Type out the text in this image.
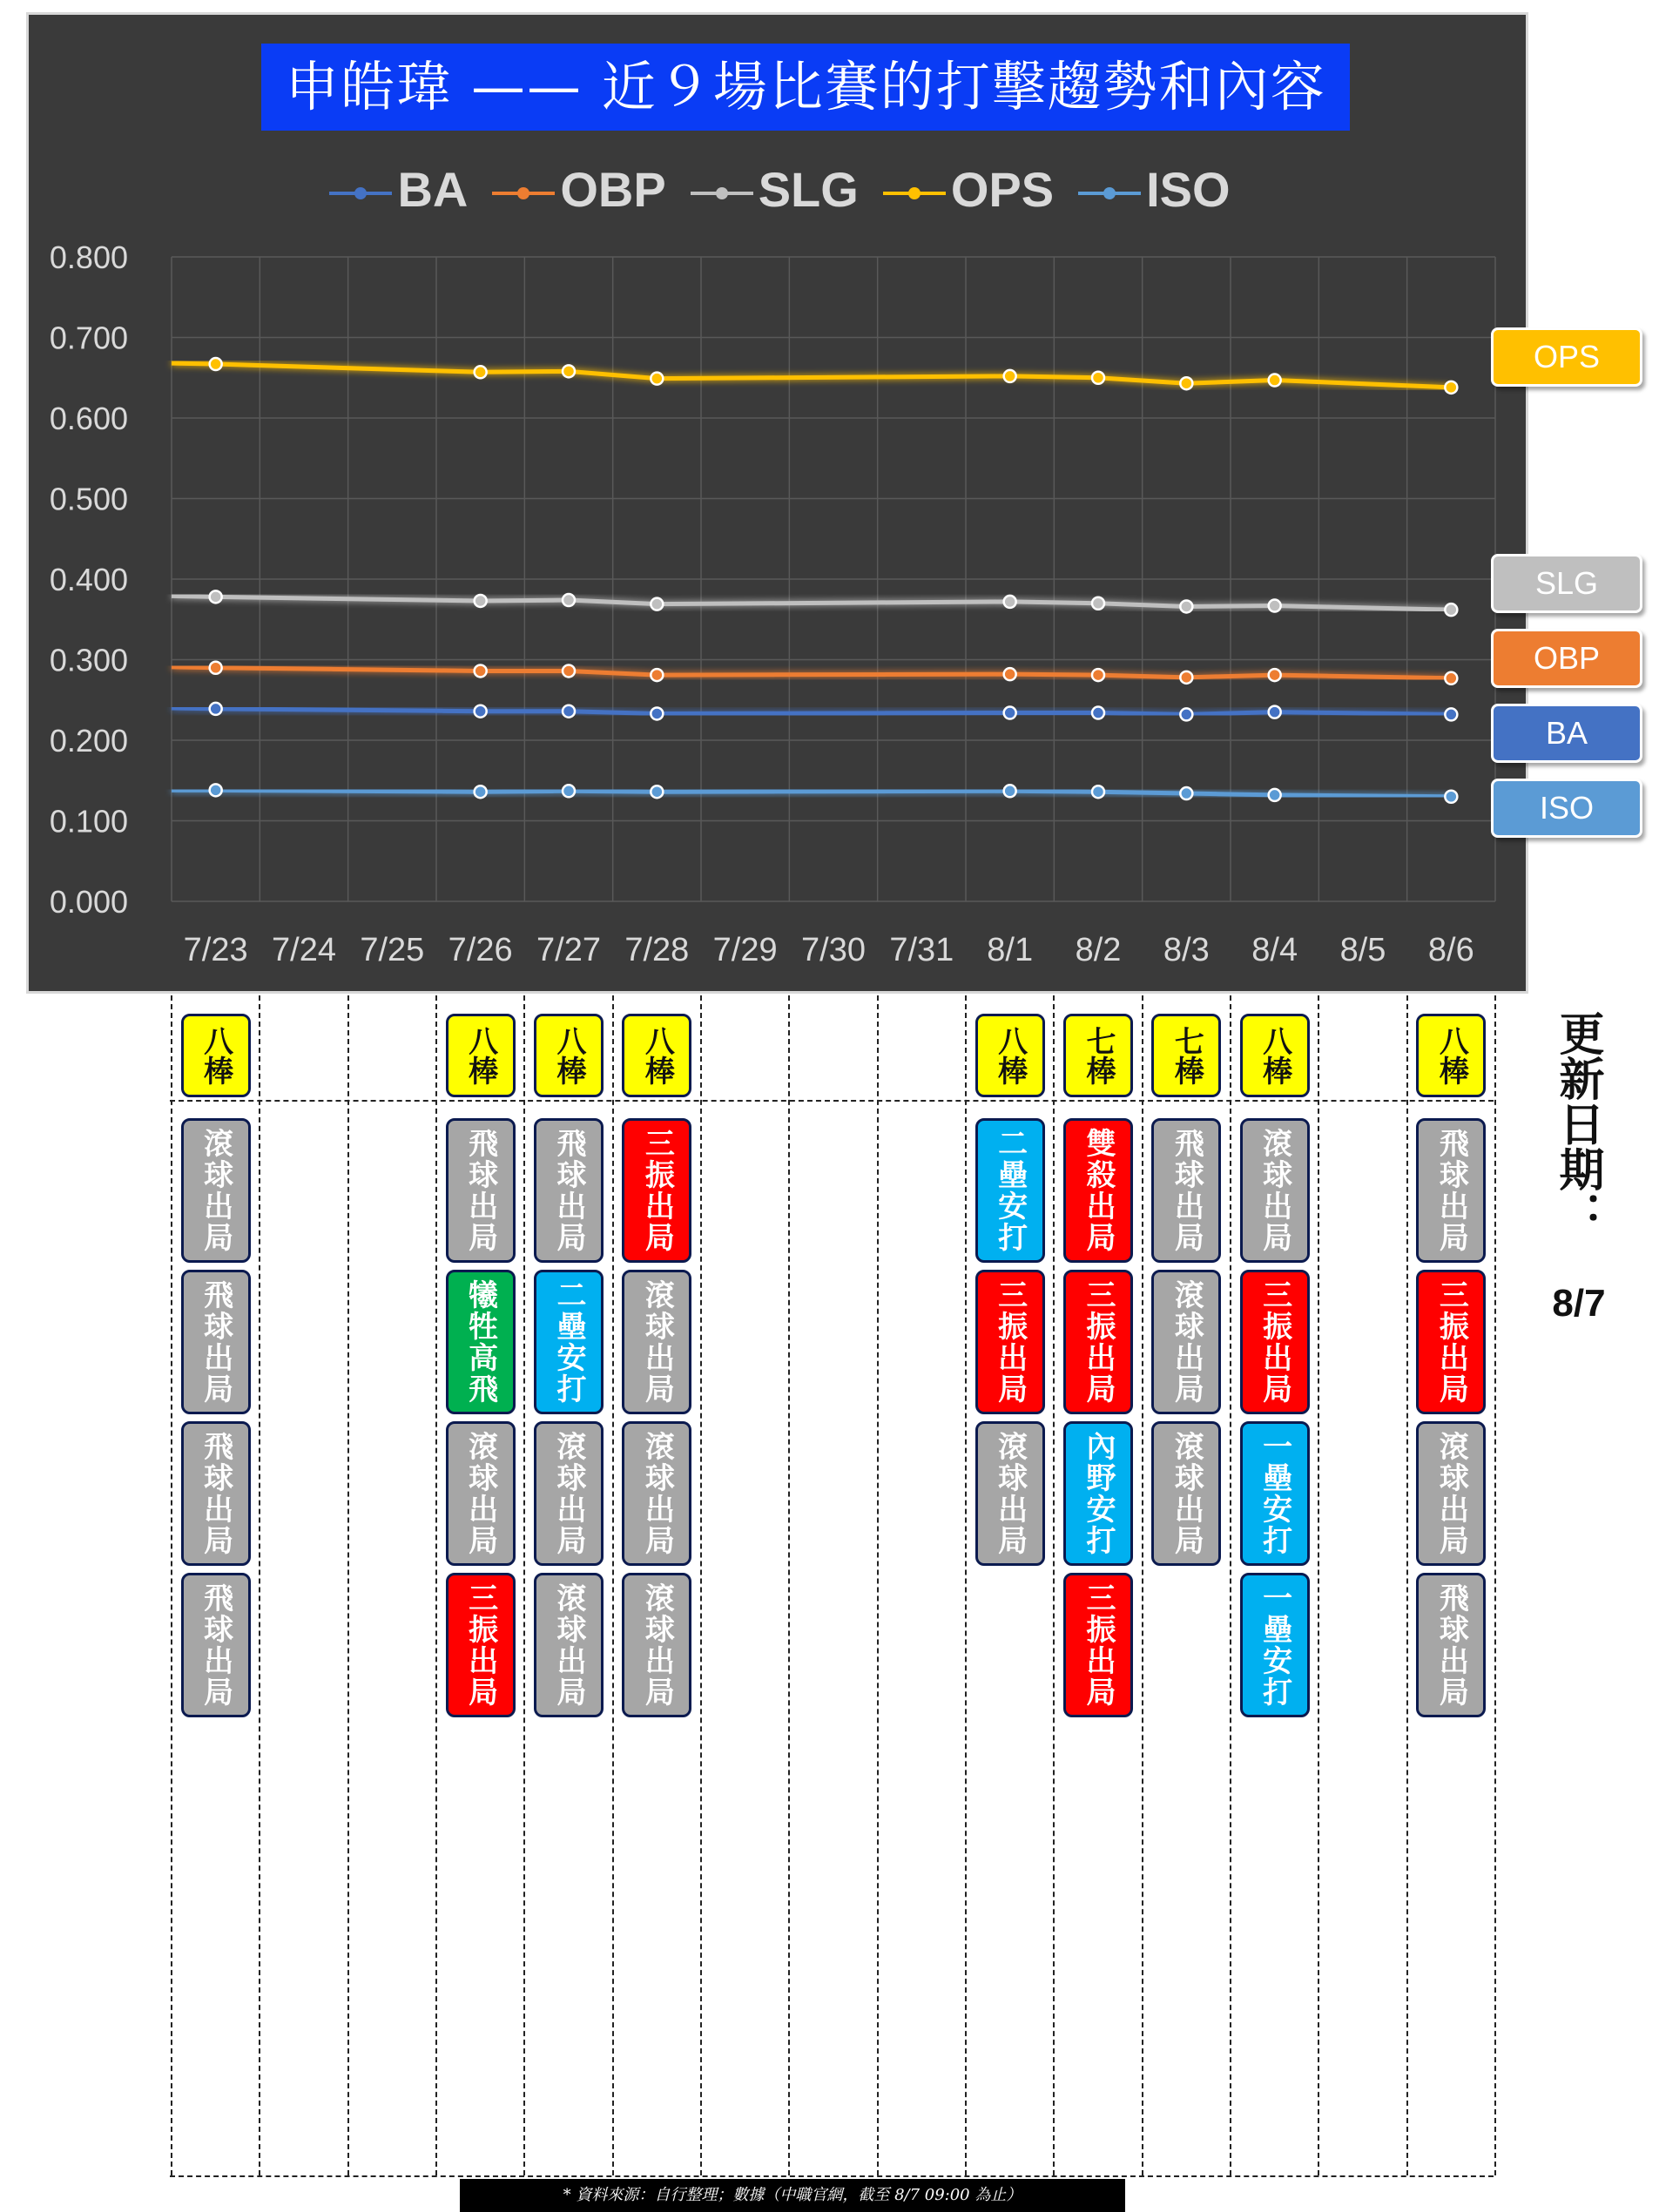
申皓瑋 —— 近９場比賽的打擊趨勢和內容
BA OBP SLG OPS ISO
0.000
0.100
0.200
0.300
0.400
0.500
0.600
0.700
0.800
7/23 7/24 7/25 7/26 7/27 7/28 7/29 7/30 7/31 8/1 8/2 8/3 8/4 8/5 8/6
OPS
SLG
OBP
BA
ISO
八棒
滾球出局
飛球出局
飛球出局
飛球出局
八棒
飛球出局
犧牲高飛
滾球出局
三振出局
八棒
飛球出局
二壘安打
滾球出局
滾球出局
八棒
三振出局
滾球出局
滾球出局
滾球出局
八棒
二壘安打
三振出局
滾球出局
七棒
雙殺出局
三振出局
內野安打
三振出局
七棒
飛球出局
滾球出局
滾球出局
八棒
滾球出局
三振出局
一壘安打
一壘安打
八棒
飛球出局
三振出局
滾球出局
飛球出局
更新日期：
8/7
* 資料來源：自行整理；數據（中職官網，截至 8/7 09:00 為止）
